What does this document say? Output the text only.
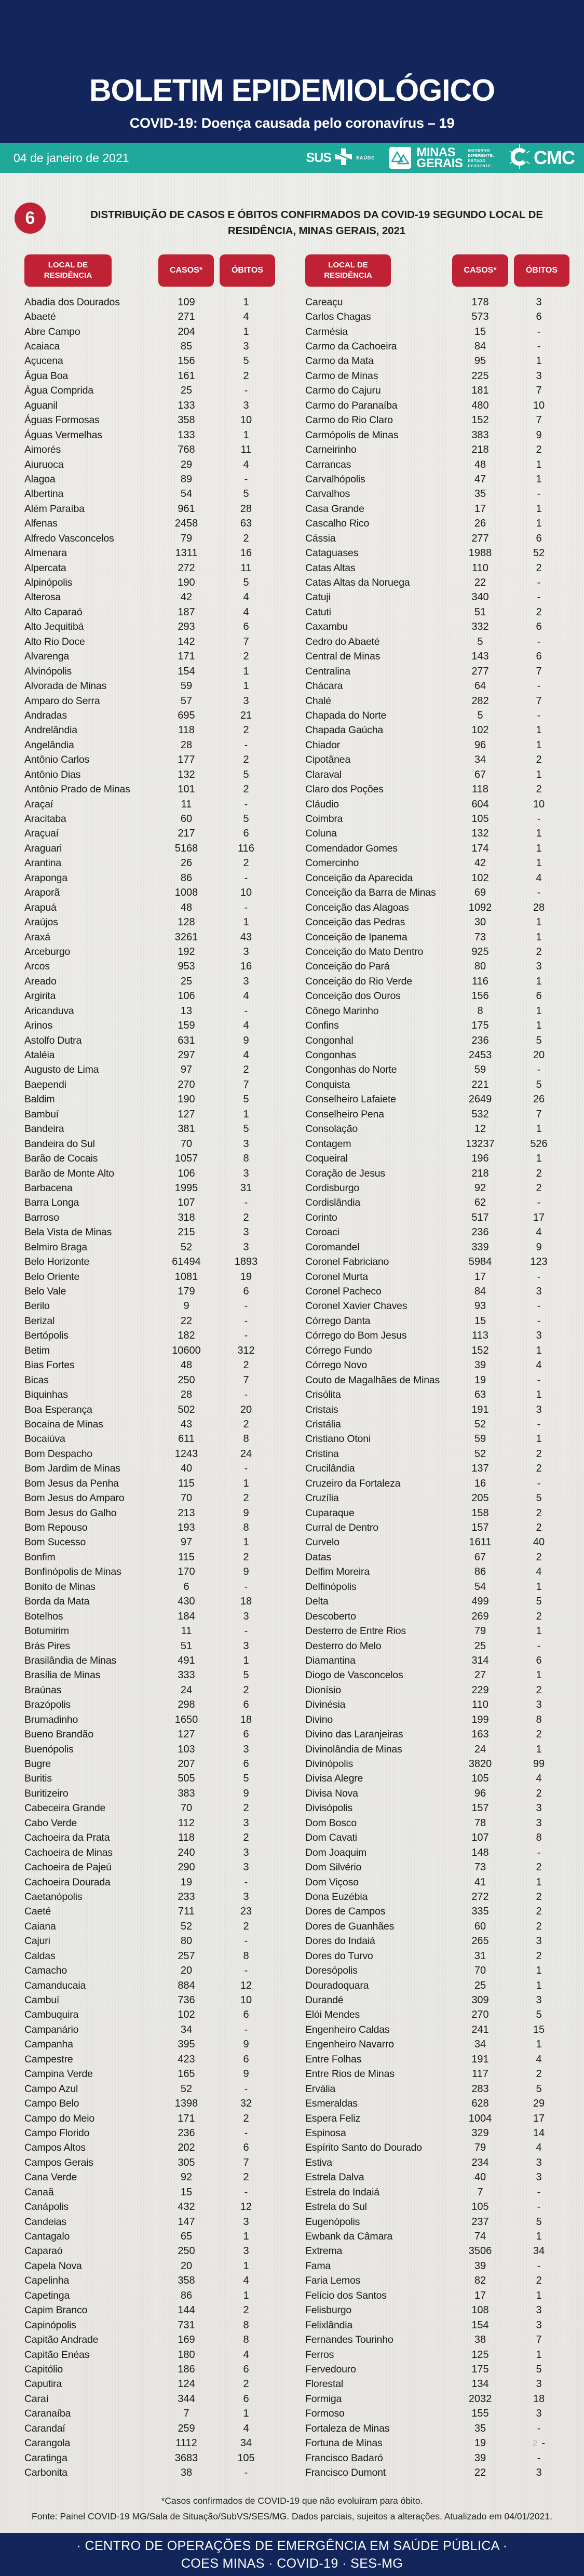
BOLETIM EPIDEMIOLÓGICO
COVID-19: Doença causada pelo coronavírus – 19
04 de janeiro de 2021	SUS	SAÚDE	MINAS
GERAIS
GOVERNO
DIFERENTE.
ESTADO
EFICIENTE. CMC
6	DISTRIBUIÇÃO DE CASOS E ÓBITOS CONFIRMADOS DA COVID-19 SEGUNDO LOCAL DE RESIDÊNCIA, MINAS GERAIS, 2021
LOCAL DE RESIDÊNCIA
CASOS*	ÓBITOS
LOCAL DE RESIDÊNCIA
CASOS*	ÓBITOS
Abadia dos Dourados	109	1
Abaeté	271	4
Abre Campo	204	1
Acaiaca	85	3
Açucena	156	5
Água Boa	161	2
Água Comprida	25	-
Aguanil	133	3
Águas Formosas	358	10
Águas Vermelhas	133	1
Aimorés	768	11
Aiuruoca	29	4
Alagoa	89	-
Albertina	54	5
Além Paraíba	961	28
Alfenas	2458	63
Alfredo Vasconcelos	79	2
Almenara	1311	16
Alpercata	272	11
Alpinópolis	190	5
Alterosa	42	4
Alto Caparaó	187	4
Alto Jequitibá	293	6
Alto Rio Doce	142	7
Alvarenga	171	2
Alvinópolis	154	1
Alvorada de Minas	59	1
Amparo do Serra	57	3
Andradas	695	21
Andrelândia	118	2
Angelândia	28	-
Antônio Carlos	177	2
Antônio Dias	132	5
Antônio Prado de Minas	101	2
Araçaí	11	-
Aracitaba	60	5
Araçuaí	217	6
Araguari	5168	116
Arantina	26	2
Araponga	86	-
Araporã	1008	10
Arapuá	48	-
Araújos	128	1
Araxá	3261	43
Arceburgo	192	3
Arcos	953	16
Areado	25	3
Argirita	106	4
Aricanduva	13	-
Arinos	159	4
Astolfo Dutra	631	9
Ataléia	297	4
Augusto de Lima	97	2
Baependi	270	7
Baldim	190	5
Bambuí	127	1
Bandeira	381	5
Bandeira do Sul	70	3
Barão de Cocais	1057	8
Barão de Monte Alto	106	3
Barbacena	1995	31
Barra Longa	107	-
Barroso	318	2
Bela Vista de Minas	215	3
Belmiro Braga	52	3
Belo Horizonte	61494	1893
Belo Oriente	1081	19
Belo Vale	179	6
Berilo	9	-
Berizal	22	-
Bertópolis	182	-
Betim	10600	312
Bias Fortes	48	2
Bicas	250	7
Biquinhas	28	-
Boa Esperança	502	20
Bocaina de Minas	43	2
Bocaiúva	611	8
Bom Despacho	1243	24
Bom Jardim de Minas	40	-
Bom Jesus da Penha	115	1
Bom Jesus do Amparo	70	2
Bom Jesus do Galho	213	9
Bom Repouso	193	8
Bom Sucesso	97	1
Bonfim	115	2
Bonfinópolis de Minas	170	9
Bonito de Minas	6	-
Borda da Mata	430	18
Botelhos	184	3
Botumirim	11	-
Brás Pires	51	3
Brasilândia de Minas	491	1
Brasília de Minas	333	5
Braúnas	24	2
Brazópolis	298	6
Brumadinho	1650	18
Bueno Brandão	127	6
Buenópolis	103	3
Bugre	207	6
Buritis	505	5
Buritizeiro	383	9
Cabeceira Grande	70	2
Cabo Verde	112	3
Cachoeira da Prata	118	2
Cachoeira de Minas	240	3
Cachoeira de Pajeú	290	3
Cachoeira Dourada	19	-
Caetanópolis	233	3
Caeté	711	23
Caiana	52	2
Cajuri	80	-
Caldas	257	8
Camacho	20	-
Camanducaia	884	12
Cambuí	736	10
Cambuquira	102	6
Campanário	34	-
Campanha	395	9
Campestre	423	6
Campina Verde	165	9
Campo Azul	52	-
Campo Belo	1398	32
Campo do Meio	171	2
Campo Florido	236	-
Campos Altos	202	6
Campos Gerais	305	7
Cana Verde	92	2
Canaã	15	-
Canápolis	432	12
Candeias	147	3
Cantagalo	65	1
Caparaó	250	3
Capela Nova	20	1
Capelinha	358	4
Capetinga	86	1
Capim Branco	144	2
Capinópolis	731	8
Capitão Andrade	169	8
Capitão Enéas	180	4
Capitólio	186	6
Caputira	124	2
Caraí	344	6
Caranaíba	7	1
Carandaí	259	4
Carangola	1112	34
Caratinga	3683	105
Carbonita	38	-
Careaçu	178	3
Carlos Chagas	573	6
Carmésia	15	-
Carmo da Cachoeira	84	-
Carmo da Mata	95	1
Carmo de Minas	225	3
Carmo do Cajuru	181	7
Carmo do Paranaíba	480	10
Carmo do Rio Claro	152	7
Carmópolis de Minas	383	9
Carneirinho	218	2
Carrancas	48	1
Carvalhópolis	47	1
Carvalhos	35	-
Casa Grande	17	1
Cascalho Rico	26	1
Cássia	277	6
Cataguases	1988	52
Catas Altas	110	2
Catas Altas da Noruega	22	-
Catuji	340	-
Catuti	51	2
Caxambu	332	6
Cedro do Abaeté	5	-
Central de Minas	143	6
Centralina	277	7
Chácara	64	-
Chalé	282	7
Chapada do Norte	5	-
Chapada Gaúcha	102	1
Chiador	96	1
Cipotânea	34	2
Claraval	67	1
Claro dos Poções	118	2
Cláudio	604	10
Coimbra	105	-
Coluna	132	1
Comendador Gomes	174	1
Comercinho	42	1
Conceição da Aparecida	102	4
Conceição da Barra de Minas	69	-
Conceição das Alagoas	1092	28
Conceição das Pedras	30	1
Conceição de Ipanema	73	1
Conceição do Mato Dentro	925	2
Conceição do Pará	80	3
Conceição do Rio Verde	116	1
Conceição dos Ouros	156	6
Cônego Marinho	8	1
Confins	175	1
Congonhal	236	5
Congonhas	2453	20
Congonhas do Norte	59	-
Conquista	221	5
Conselheiro Lafaiete	2649	26
Conselheiro Pena	532	7
Consolação	12	1
Contagem	13237	526
Coqueiral	196	1
Coração de Jesus	218	2
Cordisburgo	92	2
Cordislândia	62	-
Corinto	517	17
Coroaci	236	4
Coromandel	339	9
Coronel Fabriciano	5984	123
Coronel Murta	17	-
Coronel Pacheco	84	3
Coronel Xavier Chaves	93	-
Córrego Danta	15	-
Córrego do Bom Jesus	113	3
Córrego Fundo	152	1
Córrego Novo	39	4
Couto de Magalhães de Minas	19	-
Crisólita	63	1
Cristais	191	3
Cristália	52	-
Cristiano Otoni	59	1
Cristina	52	2
Crucilândia	137	2
Cruzeiro da Fortaleza	16	-
Cruzília	205	5
Cuparaque	158	2
Curral de Dentro	157	2
Curvelo	1611	40
Datas	67	2
Delfim Moreira	86	4
Delfinópolis	54	1
Delta	499	5
Descoberto	269	2
Desterro de Entre Rios	79	1
Desterro do Melo	25	-
Diamantina	314	6
Diogo de Vasconcelos	27	1
Dionísio	229	2
Divinésia	110	3
Divino	199	8
Divino das Laranjeiras	163	2
Divinolândia de Minas	24	1
Divinópolis	3820	99
Divisa Alegre	105	4
Divisa Nova	96	2
Divisópolis	157	3
Dom Bosco	78	3
Dom Cavati	107	8
Dom Joaquim	148	-
Dom Silvério	73	2
Dom Viçoso	41	1
Dona Euzébia	272	2
Dores de Campos	335	2
Dores de Guanhães	60	2
Dores do Indaiá	265	3
Dores do Turvo	31	2
Doresópolis	70	1
Douradoquara	25	1
Durandé	309	3
Elói Mendes	270	5
Engenheiro Caldas	241	15
Engenheiro Navarro	34	1
Entre Folhas	191	4
Entre Rios de Minas	117	2
Ervália	283	5
Esmeraldas	628	29
Espera Feliz	1004	17
Espinosa	329	14
Espírito Santo do Dourado	79	4
Estiva	234	3
Estrela Dalva	40	3
Estrela do Indaiá	7	-
Estrela do Sul	105	-
Eugenópolis	237	5
Ewbank da Câmara	74	1
Extrema	3506	34
Fama	39	-
Faria Lemos	82	2
Felício dos Santos	17	1
Felisburgo	108	3
Felixlândia	154	3
Fernandes Tourinho	38	7
Ferros	125	1
Fervedouro	175	5
Florestal	134	3
Formiga	2032	18
Formoso	155	3
Fortaleza de Minas	35	-
Fortuna de Minas	19	2 -
Francisco Badaró	39	-
Francisco Dumont	22	3
*Casos confirmados de COVID-19 que não evoluíram para óbito.
Fonte: Painel COVID-19 MG/Sala de Situação/SubVS/SES/MG. Dados parciais, sujeitos a alterações. Atualizado em 04/01/2021.
· CENTRO DE OPERAÇÕES DE EMERGÊNCIA EM SAÚDE PÚBLICA ·
COES MINAS · COVID-19 · SES-MG
